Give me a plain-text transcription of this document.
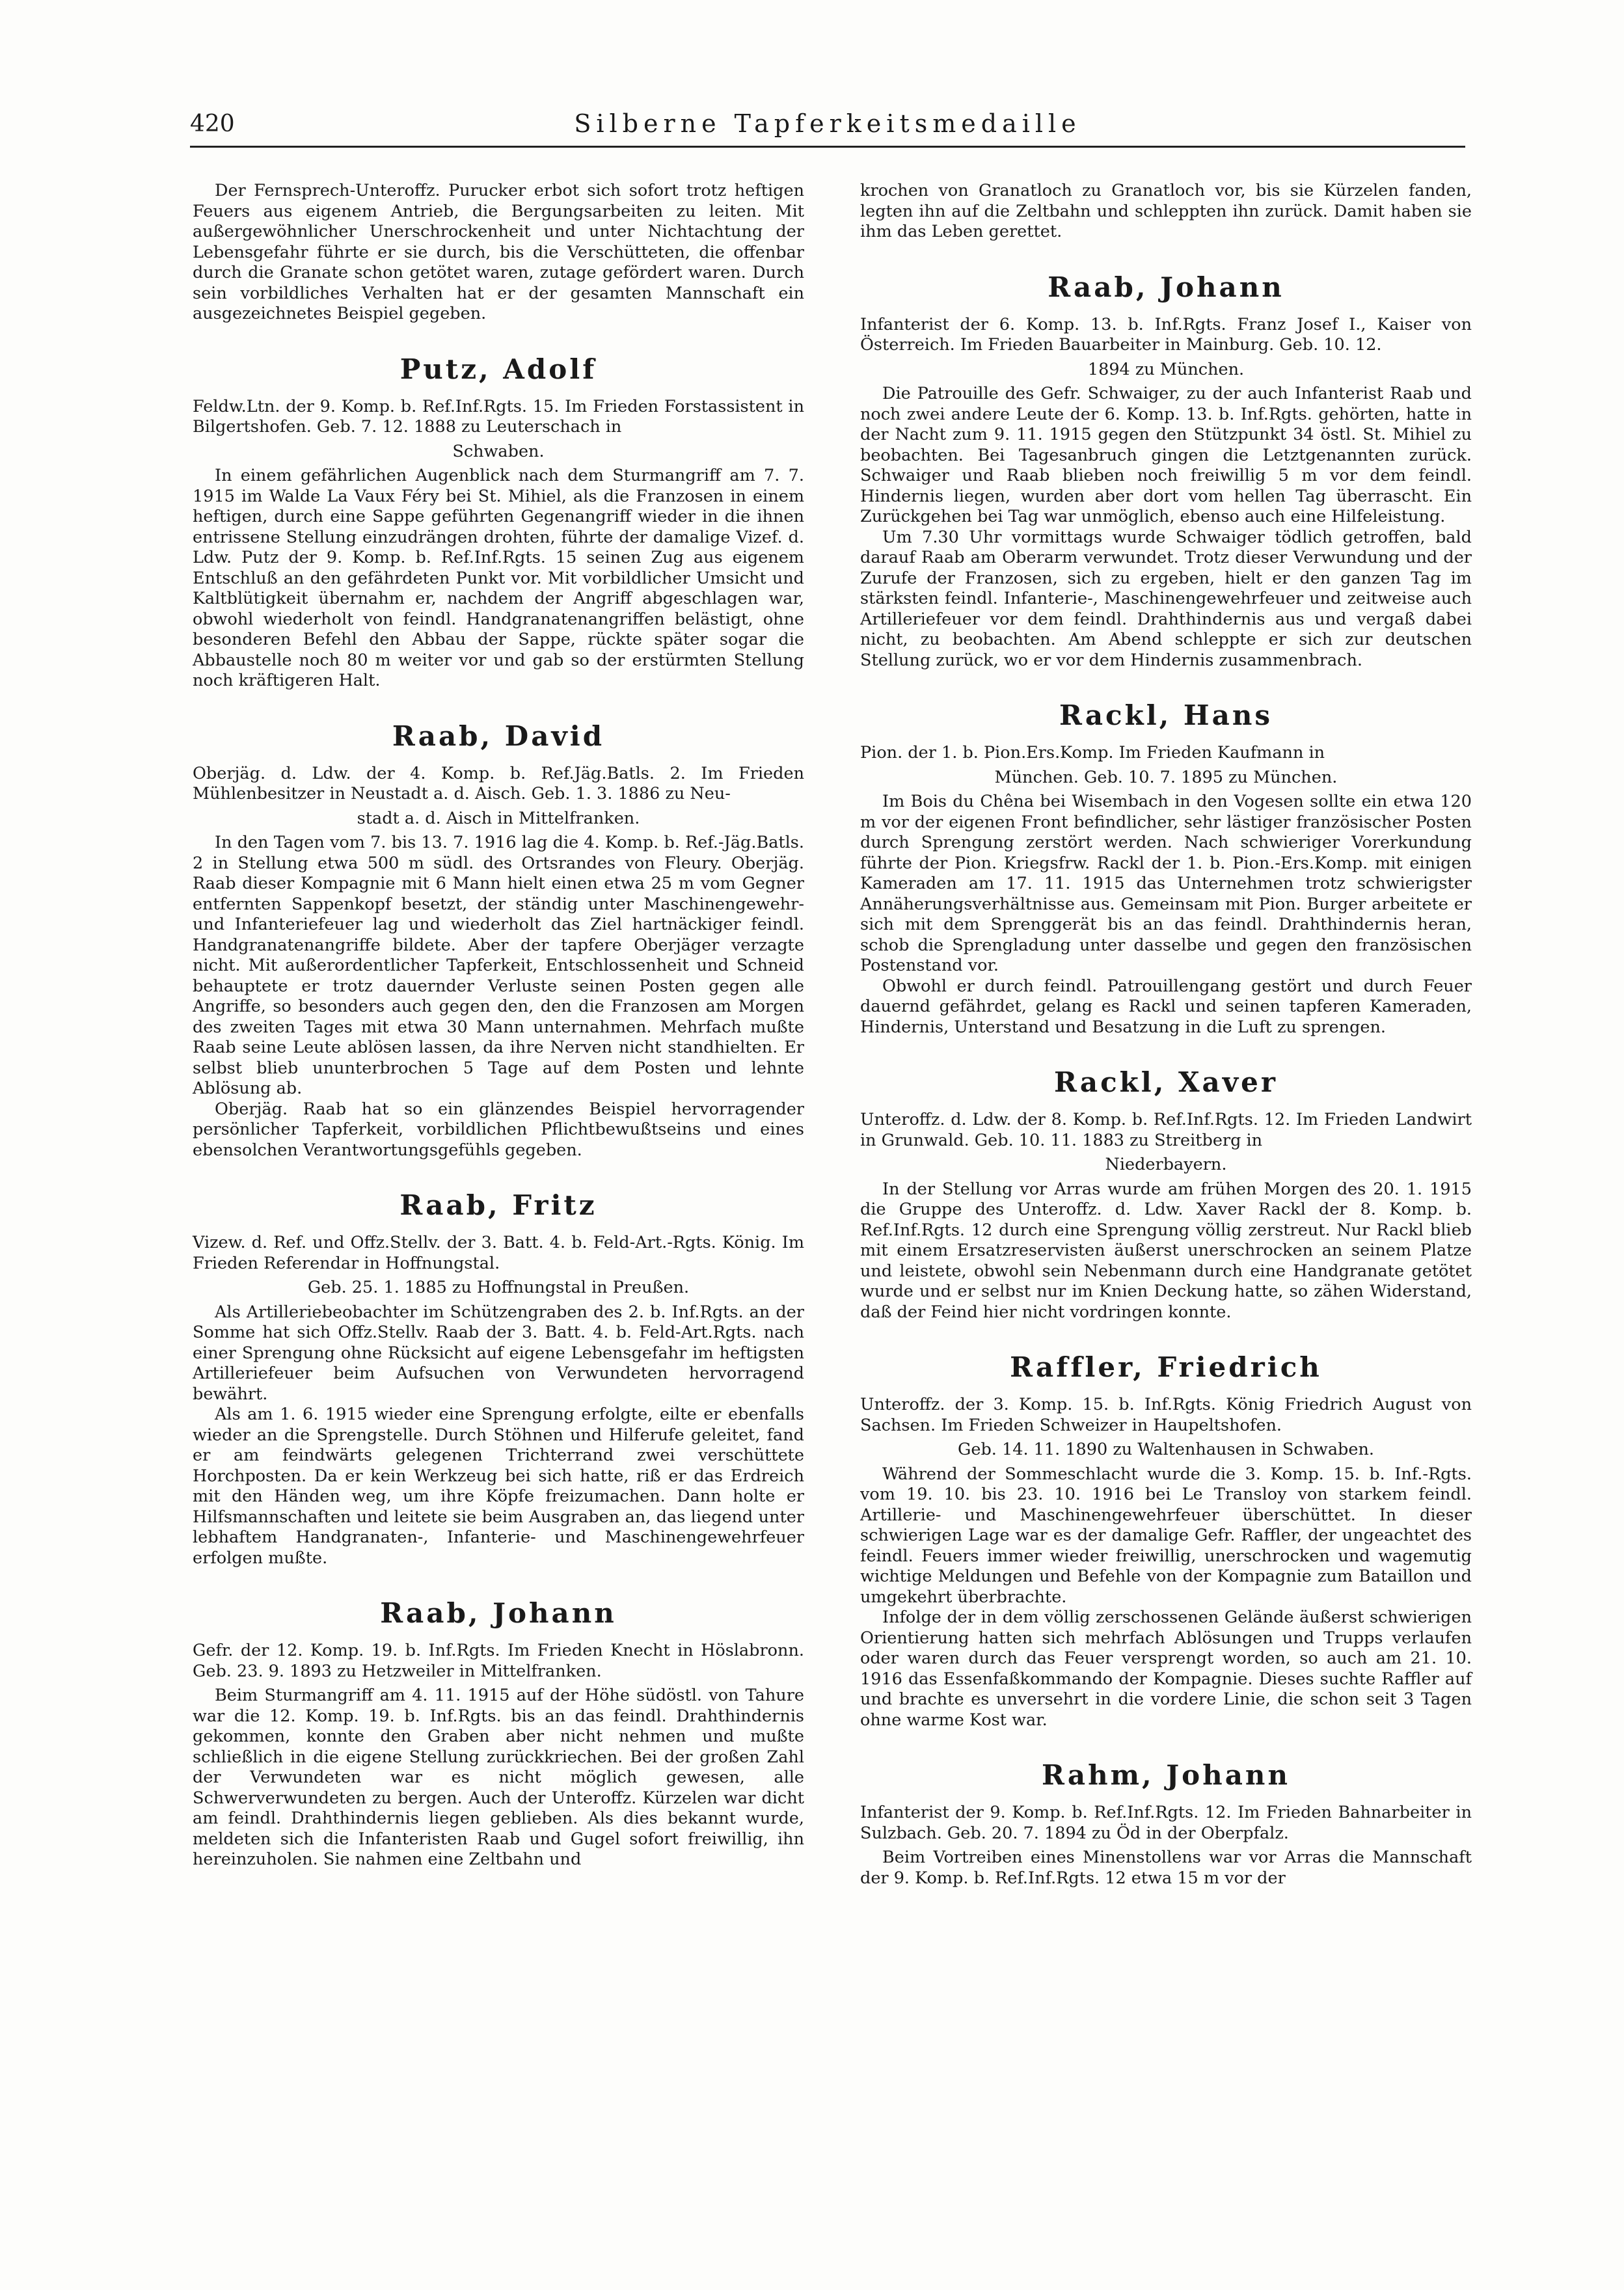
420	Silberne Tapferkeitsmedaille

Der Fernsprech-Unteroffz. Purucker erbot sich sofort trotz heftigen Feuers aus eigenem Antrieb, die Bergungsarbeiten zu leiten. Mit außergewöhnlicher Unerschrockenheit und unter Nichtachtung der Lebensgefahr führte er sie durch, bis die Verschütteten, die offenbar durch die Granate schon getötet waren, zutage gefördert waren. Durch sein vorbildliches Verhalten hat er der gesamten Mannschaft ein ausgezeichnetes Beispiel gegeben.

Putz, Adolf

Feldw.Ltn. der 9. Komp. b. Ref.Inf.Rgts. 15. Im Frieden Forstassistent in Bilgertshofen. Geb. 7. 12. 1888 zu Leuterschach in

Schwaben.

In einem gefährlichen Augenblick nach dem Sturmangriff am 7. 7. 1915 im Walde La Vaux Féry bei St. Mihiel, als die Franzosen in einem heftigen, durch eine Sappe geführten Gegenangriff wieder in die ihnen entrissene Stellung einzudrängen drohten, führte der damalige Vizef. d. Ldw. Putz der 9. Komp. b. Ref.Inf.Rgts. 15 seinen Zug aus eigenem Entschluß an den gefährdeten Punkt vor. Mit vorbildlicher Umsicht und Kaltblütigkeit übernahm er, nachdem der Angriff abgeschlagen war, obwohl wiederholt von feindl. Handgranatenangriffen belästigt, ohne besonderen Befehl den Abbau der Sappe, rückte später sogar die Abbaustelle noch 80 m weiter vor und gab so der erstürmten Stellung noch kräftigeren Halt.

Raab, David

Oberjäg. d. Ldw. der 4. Komp. b. Ref.Jäg.Batls. 2. Im Frieden Mühlenbesitzer in Neustadt a. d. Aisch. Geb. 1. 3. 1886 zu Neu-

stadt a. d. Aisch in Mittelfranken.

In den Tagen vom 7. bis 13. 7. 1916 lag die 4. Komp. b. Ref.-Jäg.Batls. 2 in Stellung etwa 500 m südl. des Ortsrandes von Fleury. Oberjäg. Raab dieser Kompagnie mit 6 Mann hielt einen etwa 25 m vom Gegner entfernten Sappenkopf besetzt, der ständig unter Maschinengewehr- und Infanteriefeuer lag und wiederholt das Ziel hartnäckiger feindl. Handgranatenangriffe bildete. Aber der tapfere Oberjäger verzagte nicht. Mit außerordentlicher Tapferkeit, Entschlossenheit und Schneid behauptete er trotz dauernder Verluste seinen Posten gegen alle Angriffe, so besonders auch gegen den, den die Franzosen am Morgen des zweiten Tages mit etwa 30 Mann unternahmen. Mehrfach mußte Raab seine Leute ablösen lassen, da ihre Nerven nicht standhielten. Er selbst blieb ununterbrochen 5 Tage auf dem Posten und lehnte Ablösung ab.

Oberjäg. Raab hat so ein glänzendes Beispiel hervorragender persönlicher Tapferkeit, vorbildlichen Pflichtbewußtseins und eines ebensolchen Verantwortungsgefühls gegeben.

Raab, Fritz

Vizew. d. Ref. und Offz.Stellv. der 3. Batt. 4. b. Feld-Art.-Rgts. König. Im Frieden Referendar in Hoffnungstal.

Geb. 25. 1. 1885 zu Hoffnungstal in Preußen.

Als Artilleriebeobachter im Schützengraben des 2. b. Inf.Rgts. an der Somme hat sich Offz.Stellv. Raab der 3. Batt. 4. b. Feld-Art.Rgts. nach einer Sprengung ohne Rücksicht auf eigene Lebensgefahr im heftigsten Artilleriefeuer beim Aufsuchen von Verwundeten hervorragend bewährt.

Als am 1. 6. 1915 wieder eine Sprengung erfolgte, eilte er ebenfalls wieder an die Sprengstelle. Durch Stöhnen und Hilferufe geleitet, fand er am feindwärts gelegenen Trichterrand zwei verschüttete Horchposten. Da er kein Werkzeug bei sich hatte, riß er das Erdreich mit den Händen weg, um ihre Köpfe freizumachen. Dann holte er Hilfsmannschaften und leitete sie beim Ausgraben an, das liegend unter lebhaftem Handgranaten-, Infanterie- und Maschinengewehrfeuer erfolgen mußte.

Raab, Johann

Gefr. der 12. Komp. 19. b. Inf.Rgts. Im Frieden Knecht in Höslabronn. Geb. 23. 9. 1893 zu Hetzweiler in Mittelfranken.

Beim Sturmangriff am 4. 11. 1915 auf der Höhe südöstl. von Tahure war die 12. Komp. 19. b. Inf.Rgts. bis an das feindl. Drahthindernis gekommen, konnte den Graben aber nicht nehmen und mußte schließlich in die eigene Stellung zurückkriechen. Bei der großen Zahl der Verwundeten war es nicht möglich gewesen, alle Schwerverwundeten zu bergen. Auch der Unteroffz. Kürzelen war dicht am feindl. Drahthindernis liegen geblieben. Als dies bekannt wurde, meldeten sich die Infanteristen Raab und Gugel sofort freiwillig, ihn hereinzuholen. Sie nahmen eine Zeltbahn und

krochen von Granatloch zu Granatloch vor, bis sie Kürzelen fanden, legten ihn auf die Zeltbahn und schleppten ihn zurück. Damit haben sie ihm das Leben gerettet.

Raab, Johann

Infanterist der 6. Komp. 13. b. Inf.Rgts. Franz Josef I., Kaiser von Österreich. Im Frieden Bauarbeiter in Mainburg. Geb. 10. 12.

1894 zu München.

Die Patrouille des Gefr. Schwaiger, zu der auch Infanterist Raab und noch zwei andere Leute der 6. Komp. 13. b. Inf.Rgts. gehörten, hatte in der Nacht zum 9. 11. 1915 gegen den Stützpunkt 34 östl. St. Mihiel zu beobachten. Bei Tagesanbruch gingen die Letztgenannten zurück. Schwaiger und Raab blieben noch freiwillig 5 m vor dem feindl. Hindernis liegen, wurden aber dort vom hellen Tag überrascht. Ein Zurückgehen bei Tag war unmöglich, ebenso auch eine Hilfeleistung.

Um 7.30 Uhr vormittags wurde Schwaiger tödlich getroffen, bald darauf Raab am Oberarm verwundet. Trotz dieser Verwundung und der Zurufe der Franzosen, sich zu ergeben, hielt er den ganzen Tag im stärksten feindl. Infanterie-, Maschinengewehrfeuer und zeitweise auch Artilleriefeuer vor dem feindl. Drahthindernis aus und vergaß dabei nicht, zu beobachten. Am Abend schleppte er sich zur deutschen Stellung zurück, wo er vor dem Hindernis zusammenbrach.

Rackl, Hans

Pion. der 1. b. Pion.Ers.Komp. Im Frieden Kaufmann in

München. Geb. 10. 7. 1895 zu München.

Im Bois du Chêna bei Wisembach in den Vogesen sollte ein etwa 120 m vor der eigenen Front befindlicher, sehr lästiger französischer Posten durch Sprengung zerstört werden. Nach schwieriger Vorerkundung führte der Pion. Kriegsfrw. Rackl der 1. b. Pion.-Ers.Komp. mit einigen Kameraden am 17. 11. 1915 das Unternehmen trotz schwierigster Annäherungsverhältnisse aus. Gemeinsam mit Pion. Burger arbeitete er sich mit dem Sprenggerät bis an das feindl. Drahthindernis heran, schob die Sprengladung unter dasselbe und gegen den französischen Postenstand vor.

Obwohl er durch feindl. Patrouillengang gestört und durch Feuer dauernd gefährdet, gelang es Rackl und seinen tapferen Kameraden, Hindernis, Unterstand und Besatzung in die Luft zu sprengen.

Rackl, Xaver

Unteroffz. d. Ldw. der 8. Komp. b. Ref.Inf.Rgts. 12. Im Frieden Landwirt in Grunwald. Geb. 10. 11. 1883 zu Streitberg in

Niederbayern.

In der Stellung vor Arras wurde am frühen Morgen des 20. 1. 1915 die Gruppe des Unteroffz. d. Ldw. Xaver Rackl der 8. Komp. b. Ref.Inf.Rgts. 12 durch eine Sprengung völlig zerstreut. Nur Rackl blieb mit einem Ersatzreservisten äußerst unerschrocken an seinem Platze und leistete, obwohl sein Nebenmann durch eine Handgranate getötet wurde und er selbst nur im Knien Deckung hatte, so zähen Widerstand, daß der Feind hier nicht vordringen konnte.

Raffler, Friedrich

Unteroffz. der 3. Komp. 15. b. Inf.Rgts. König Friedrich August von Sachsen. Im Frieden Schweizer in Haupeltshofen.

Geb. 14. 11. 1890 zu Waltenhausen in Schwaben.

Während der Sommeschlacht wurde die 3. Komp. 15. b. Inf.-Rgts. vom 19. 10. bis 23. 10. 1916 bei Le Transloy von starkem feindl. Artillerie- und Maschinengewehrfeuer überschüttet. In dieser schwierigen Lage war es der damalige Gefr. Raffler, der ungeachtet des feindl. Feuers immer wieder freiwillig, unerschrocken und wagemutig wichtige Meldungen und Befehle von der Kompagnie zum Bataillon und umgekehrt überbrachte.

Infolge der in dem völlig zerschossenen Gelände äußerst schwierigen Orientierung hatten sich mehrfach Ablösungen und Trupps verlaufen oder waren durch das Feuer versprengt worden, so auch am 21. 10. 1916 das Essenfaßkommando der Kompagnie. Dieses suchte Raffler auf und brachte es unversehrt in die vordere Linie, die schon seit 3 Tagen ohne warme Kost war.

Rahm, Johann

Infanterist der 9. Komp. b. Ref.Inf.Rgts. 12. Im Frieden Bahnarbeiter in Sulzbach. Geb. 20. 7. 1894 zu Öd in der Oberpfalz.

Beim Vortreiben eines Minenstollens war vor Arras die Mannschaft der 9. Komp. b. Ref.Inf.Rgts. 12 etwa 15 m vor der
